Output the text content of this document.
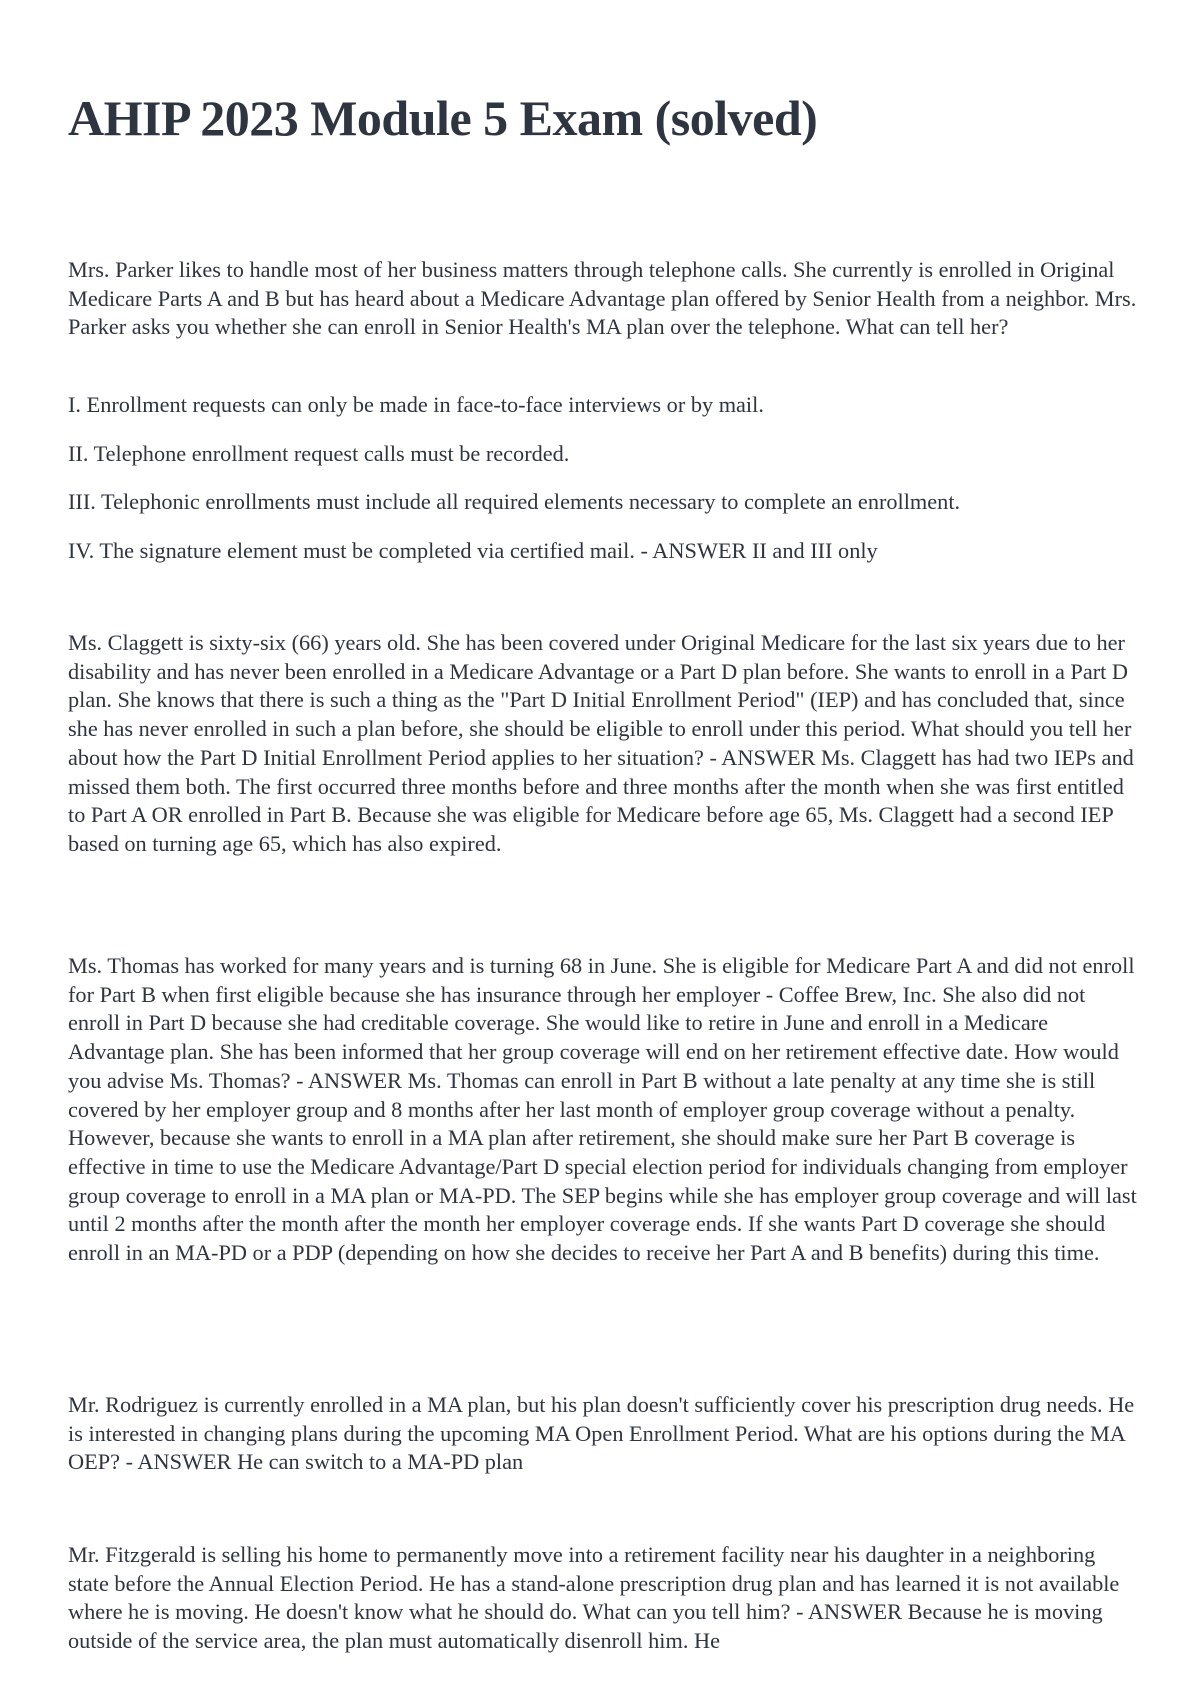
AHIP 2023 Module 5 Exam (solved)

Mrs. Parker likes to handle most of her business matters through telephone calls. She currently is enrolled in Original Medicare Parts A and B but has heard about a Medicare Advantage plan offered by Senior Health from a neighbor. Mrs. Parker asks you whether she can enroll in Senior Health's MA plan over the telephone. What can tell her?

I. Enrollment requests can only be made in face-to-face interviews or by mail.

II. Telephone enrollment request calls must be recorded.

III. Telephonic enrollments must include all required elements necessary to complete an enrollment.

IV. The signature element must be completed via certified mail. - ANSWER II and III only

Ms. Claggett is sixty-six (66) years old. She has been covered under Original Medicare for the last six years due to her disability and has never been enrolled in a Medicare Advantage or a Part D plan before. She wants to enroll in a Part D plan. She knows that there is such a thing as the "Part D Initial Enrollment Period" (IEP) and has concluded that, since she has never enrolled in such a plan before, she should be eligible to enroll under this period. What should you tell her about how the Part D Initial Enrollment Period applies to her situation? - ANSWER Ms. Claggett has had two IEPs and missed them both. The first occurred three months before and three months after the month when she was first entitled to Part A OR enrolled in Part B. Because she was eligible for Medicare before age 65, Ms. Claggett had a second IEP based on turning age 65, which has also expired.

Ms. Thomas has worked for many years and is turning 68 in June. She is eligible for Medicare Part A and did not enroll for Part B when first eligible because she has insurance through her employer - Coffee Brew, Inc. She also did not enroll in Part D because she had creditable coverage. She would like to retire in June and enroll in a Medicare Advantage plan. She has been informed that her group coverage will end on her retirement effective date. How would you advise Ms. Thomas? - ANSWER Ms. Thomas can enroll in Part B without a late penalty at any time she is still covered by her employer group and 8 months after her last month of employer group coverage without a penalty. However, because she wants to enroll in a MA plan after retirement, she should make sure her Part B coverage is effective in time to use the Medicare Advantage/Part D special election period for individuals changing from employer group coverage to enroll in a MA plan or MA-PD. The SEP begins while she has employer group coverage and will last until 2 months after the month after the month her employer coverage ends. If she wants Part D coverage she should enroll in an MA-PD or a PDP (depending on how she decides to receive her Part A and B benefits) during this time.

Mr. Rodriguez is currently enrolled in a MA plan, but his plan doesn't sufficiently cover his prescription drug needs. He is interested in changing plans during the upcoming MA Open Enrollment Period. What are his options during the MA OEP? - ANSWER He can switch to a MA-PD plan

Mr. Fitzgerald is selling his home to permanently move into a retirement facility near his daughter in a neighboring state before the Annual Election Period. He has a stand-alone prescription drug plan and has learned it is not available where he is moving. He doesn't know what he should do. What can you tell him? - ANSWER Because he is moving outside of the service area, the plan must automatically disenroll him. He
